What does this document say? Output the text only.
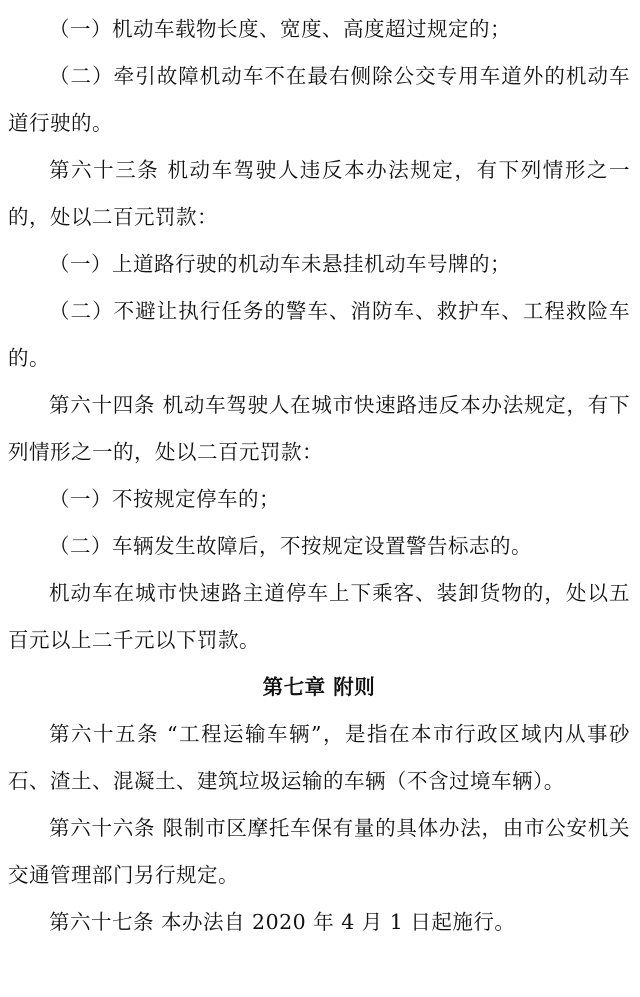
（一）机动车载物长度、宽度、高度超过规定的；

（二）牵引故障机动车不在最右侧除公交专用车道外的机动车道行驶的。

第六十三条 机动车驾驶人违反本办法规定，有下列情形之一的，处以二百元罚款：

（一）上道路行驶的机动车未悬挂机动车号牌的；

（二）不避让执行任务的警车、消防车、救护车、工程救险车的。

第六十四条 机动车驾驶人在城市快速路违反本办法规定，有下列情形之一的，处以二百元罚款：

（一）不按规定停车的；

（二）车辆发生故障后，不按规定设置警告标志的。

机动车在城市快速路主道停车上下乘客、装卸货物的，处以五百元以上二千元以下罚款。

第七章 附则

第六十五条 “工程运输车辆”，是指在本市行政区域内从事砂石、渣土、混凝土、建筑垃圾运输的车辆（不含过境车辆）。

第六十六条 限制市区摩托车保有量的具体办法，由市公安机关交通管理部门另行规定。

第六十七条 本办法自 2020 年 4 月 1 日起施行。
